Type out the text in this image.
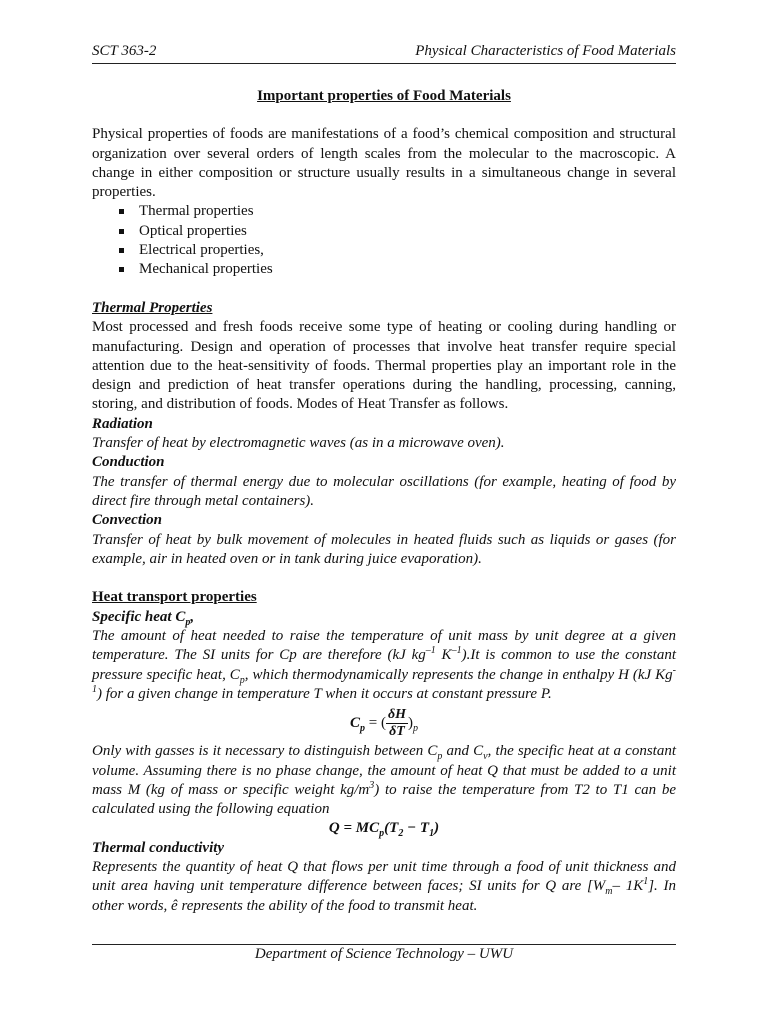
SCT 363-2	Physical Characteristics of Food Materials
Important properties of Food Materials

Physical properties of foods are manifestations of a food’s chemical composition and structural organization over several orders of length scales from the molecular to the macroscopic. A change in either composition or structure usually results in a simultaneous change in several properties.

Thermal properties
Optical properties
Electrical properties,
Mechanical properties
Thermal Properties

Most processed and fresh foods receive some type of heating or cooling during handling or manufacturing. Design and operation of processes that involve heat transfer require special attention due to the heat-sensitivity of foods. Thermal properties play an important role in the design and prediction of heat transfer operations during the handling, processing, canning, storing, and distribution of foods. Modes of Heat Transfer as follows.

Radiation

Transfer of heat by electromagnetic waves (as in a microwave oven).

Conduction

The transfer of thermal energy due to molecular oscillations (for example, heating of food by direct fire through metal containers).

Convection

Transfer of heat by bulk movement of molecules in heated fluids such as liquids or gases (for example, air in heated oven or in tank during juice evaporation).

Heat transport properties
Specific heat $C_p$,

The amount of heat needed to raise the temperature of unit mass by unit degree at a given temperature. The SI units for Cp are therefore (kJ $kg^{-1}$ $K^{-1}).It$ is common to use the constant pressure specific heat, $C_p$, which thermodynamically represents the change in enthalpy H (kJ $Kg^{-1}$) for a given change in temperature T when it occurs at constant pressure P.

$C_p$ = ( $\frac{\delta H}{\delta T} )_p$

Only with gasses is it necessary to distinguish between $C_p$ and $C_v$, the specific heat at a constant volume. Assuming there is no phase change, the amount of heat Q that must be added to a unit mass M (kg of mass or specific weight $kg/m^3$) to raise the temperature from T2 to T1 can be calculated using the following equation

$Q = MC_p(T_2 - T_1)$
Thermal conductivity

Represents the quantity of heat Q that flows per unit time through a food of unit thickness and unit area having unit temperature difference between faces; SI units for Q are [$W_m-$ $1K^1$]. In other words, ê represents the ability of the food to transmit heat.

Department of Science Technology – UWU
